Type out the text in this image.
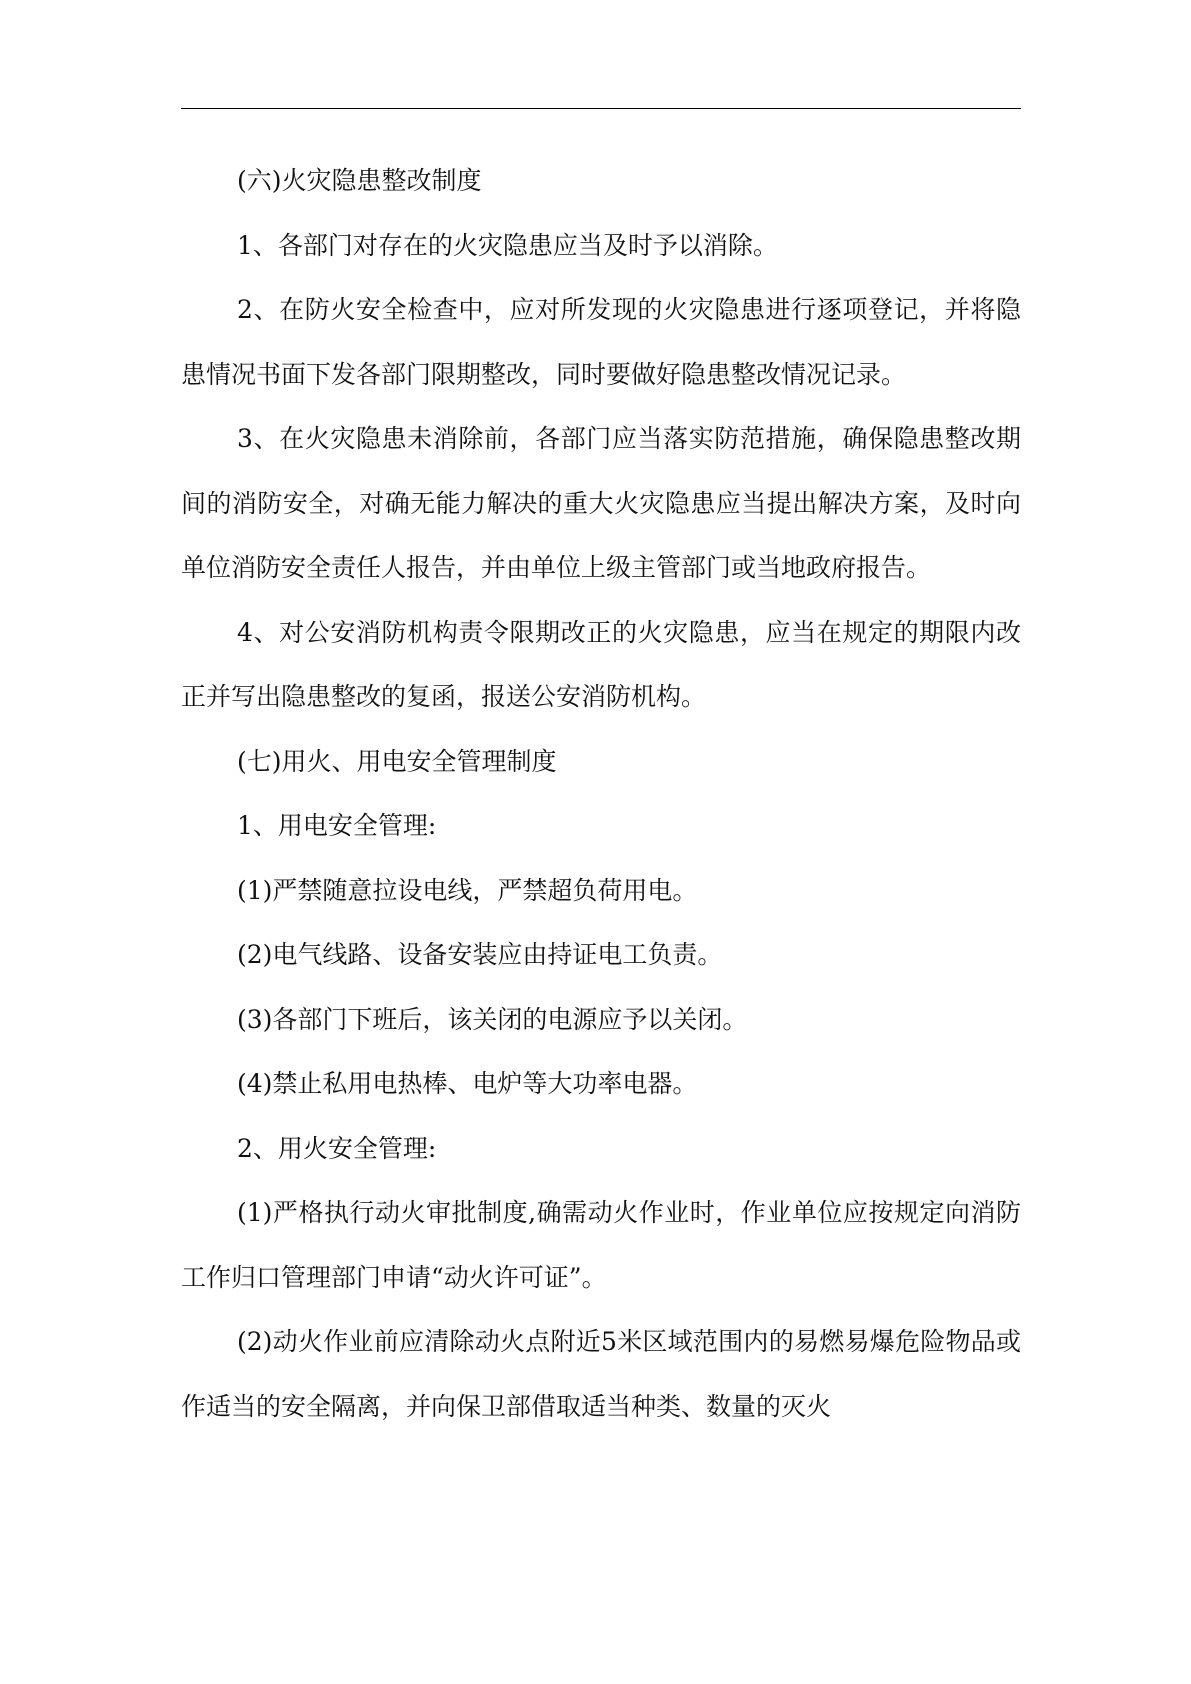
(六)火灾隐患整改制度

1、各部门对存在的火灾隐患应当及时予以消除。

2、在防火安全检查中，应对所发现的火灾隐患进行逐项登记，并将隐患情况书面下发各部门限期整改，同时要做好隐患整改情况记录。

3、在火灾隐患未消除前，各部门应当落实防范措施，确保隐患整改期间的消防安全，对确无能力解决的重大火灾隐患应当提出解决方案，及时向单位消防安全责任人报告，并由单位上级主管部门或当地政府报告。

4、对公安消防机构责令限期改正的火灾隐患，应当在规定的期限内改正并写出隐患整改的复函，报送公安消防机构。

(七)用火、用电安全管理制度

1、用电安全管理:

(1)严禁随意拉设电线，严禁超负荷用电。

(2)电气线路、设备安装应由持证电工负责。

(3)各部门下班后，该关闭的电源应予以关闭。

(4)禁止私用电热棒、电炉等大功率电器。

2、用火安全管理:

(1)严格执行动火审批制度,确需动火作业时，作业单位应按规定向消防工作归口管理部门申请“动火许可证”。

(2)动火作业前应清除动火点附近5米区域范围内的易燃易爆危险物品或作适当的安全隔离，并向保卫部借取适当种类、数量的灭火
